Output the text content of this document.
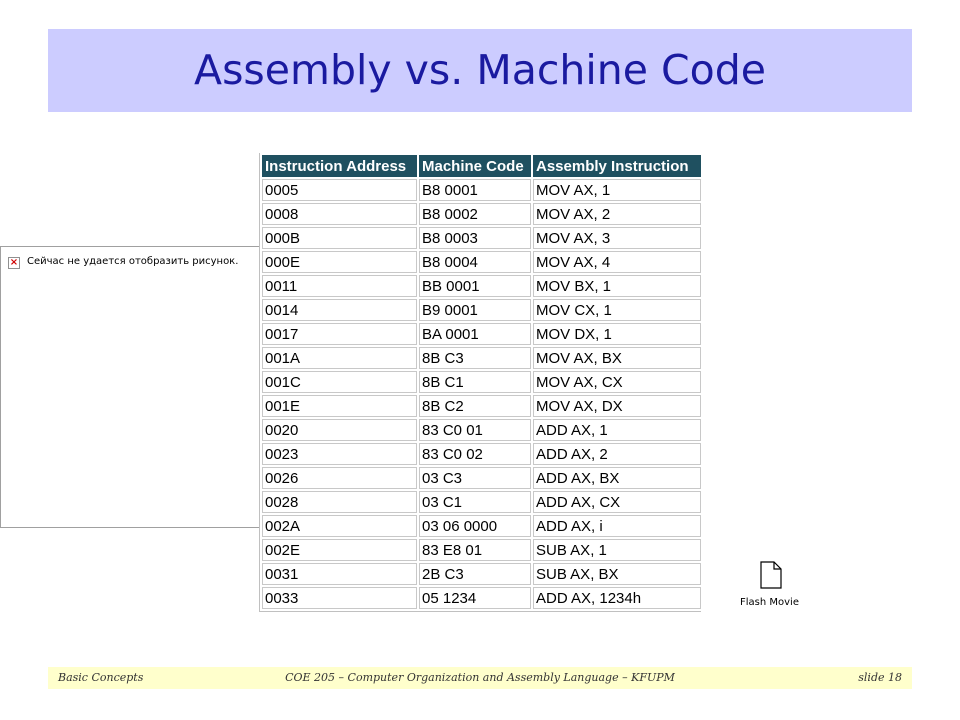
Assembly vs. Machine Code
× Сейчас не удается отобразить рисунок.
Instruction Address	Machine Code	Assembly Instruction
0005	B8 0001	MOV AX, 1
0008	B8 0002	MOV AX, 2
000B	B8 0003	MOV AX, 3
000E	B8 0004	MOV AX, 4
0011	BB 0001	MOV BX, 1
0014	B9 0001	MOV CX, 1
0017	BA 0001	MOV DX, 1
001A	8B C3	MOV AX, BX
001C	8B C1	MOV AX, CX
001E	8B C2	MOV AX, DX
0020	83 C0 01	ADD AX, 1
0023	83 C0 02	ADD AX, 2
0026	03 C3	ADD AX, BX
0028	03 C1	ADD AX, CX
002A	03 06 0000	ADD AX, i
002E	83 E8 01	SUB AX, 1
0031	2B C3	SUB AX, BX
0033	05 1234	ADD AX, 1234h	Flash Movie
COE 205 – Computer Organization and Assembly Language – KFUPM
Basic Concepts	slide 18
